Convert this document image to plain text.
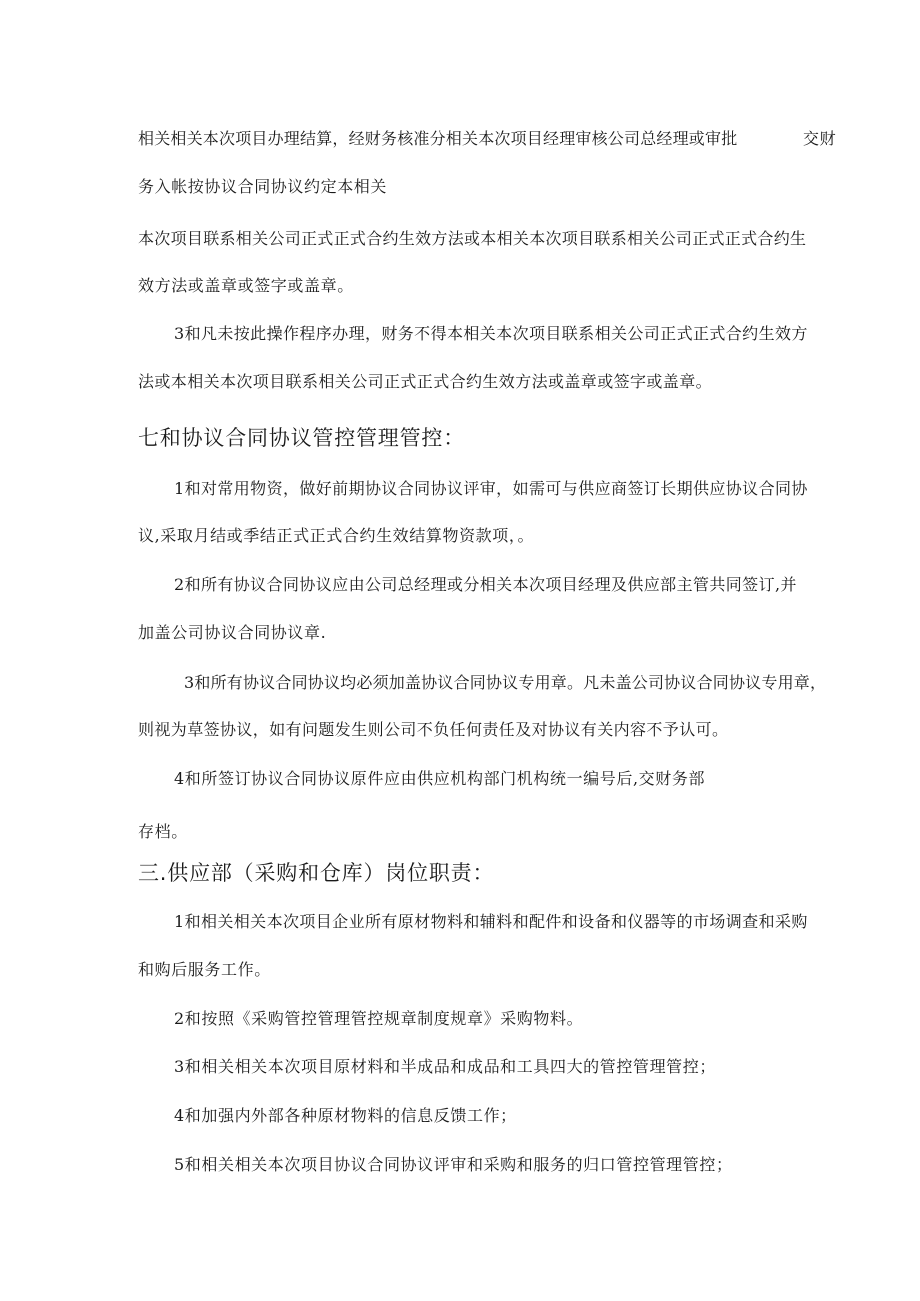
相关相关本次项目办理结算，经财务核准分相关本次项目经理审核公司总经理或审批	交财
务入帐按协议合同协议约定本相关
本次项目联系相关公司正式正式合约生效方法或本相关本次项目联系相关公司正式正式合约生
效方法或盖章或签字或盖章。
3和凡未按此操作程序办理，财务不得本相关本次项目联系相关公司正式正式合约生效方
法或本相关本次项目联系相关公司正式正式合约生效方法或盖章或签字或盖章。
七和协议合同协议管控管理管控：
1和对常用物资，做好前期协议合同协议评审，如需可与供应商签订长期供应协议合同协
议,采取月结或季结正式正式合约生效结算物资款项，。
2和所有协议合同协议应由公司总经理或分相关本次项目经理及供应部主管共同签订,并
加盖公司协议合同协议章.
3和所有协议合同协议均必须加盖协议合同协议专用章。凡未盖公司协议合同协议专用章，
则视为草签协议，如有问题发生则公司不负任何责任及对协议有关内容不予认可。
4和所签订协议合同协议原件应由供应机构部门机构统一编号后,交财务部
存档。
三.供应部（采购和仓库）岗位职责：
1和相关相关本次项目企业所有原材物料和辅料和配件和设备和仪器等的市场调查和采购
和购后服务工作。
2和按照《采购管控管理管控规章制度规章》采购物料。
3和相关相关本次项目原材料和半成品和成品和工具四大的管控管理管控；
4和加强内外部各种原材物料的信息反馈工作；
5和相关相关本次项目协议合同协议评审和采购和服务的归口管控管理管控；
